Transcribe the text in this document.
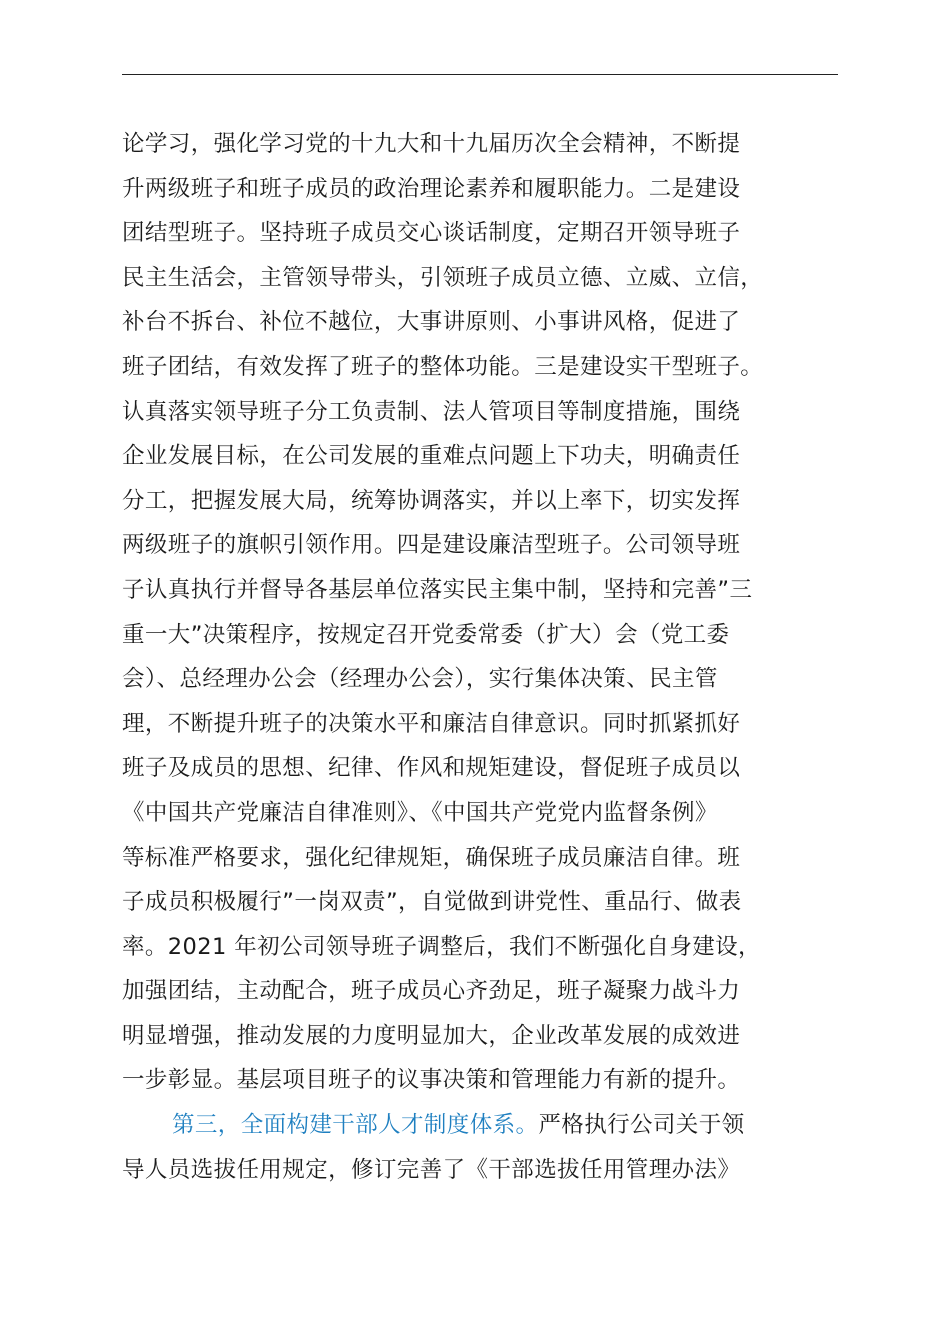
论学习，强化学习党的十九大和十九届历次全会精神，不断提
升两级班子和班子成员的政治理论素养和履职能力。二是建设
团结型班子。坚持班子成员交心谈话制度，定期召开领导班子
民主生活会，主管领导带头，引领班子成员立德、立威、立信，
补台不拆台、补位不越位，大事讲原则、小事讲风格，促进了
班子团结，有效发挥了班子的整体功能。三是建设实干型班子。
认真落实领导班子分工负责制、法人管项目等制度措施，围绕
企业发展目标，在公司发展的重难点问题上下功夫，明确责任
分工，把握发展大局，统筹协调落实，并以上率下，切实发挥
两级班子的旗帜引领作用。四是建设廉洁型班子。公司领导班
子认真执行并督导各基层单位落实民主集中制，坚持和完善”三
重一大”决策程序，按规定召开党委常委（扩大）会（党工委
会）、总经理办公会（经理办公会），实行集体决策、民主管
理，不断提升班子的决策水平和廉洁自律意识。同时抓紧抓好
班子及成员的思想、纪律、作风和规矩建设，督促班子成员以
《中国共产党廉洁自律准则》、《中国共产党党内监督条例》
等标准严格要求，强化纪律规矩，确保班子成员廉洁自律。班
子成员积极履行”一岗双责”，自觉做到讲党性、重品行、做表
率。2021 年初公司领导班子调整后，我们不断强化自身建设，
加强团结，主动配合，班子成员心齐劲足，班子凝聚力战斗力
明显增强，推动发展的力度明显加大，企业改革发展的成效进
一步彰显。基层项目班子的议事决策和管理能力有新的提升。
第三，全面构建干部人才制度体系。严格执行公司关于领
导人员选拔任用规定，修订完善了《干部选拔任用管理办法》
